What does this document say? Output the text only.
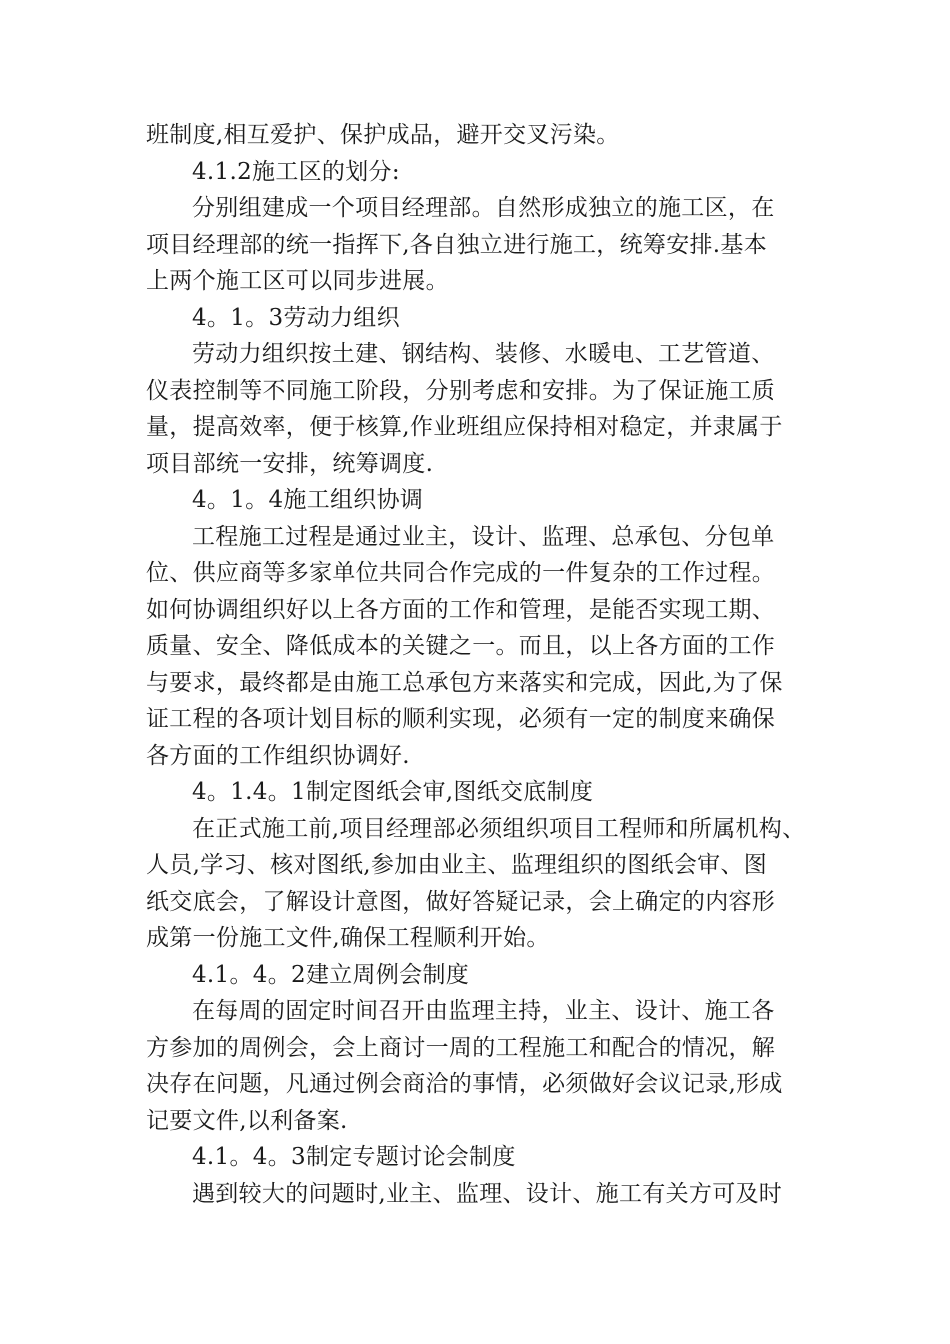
班制度,相互爱护、保护成品，避开交叉污染。
4.1.2施工区的划分:
分别组建成一个项目经理部。自然形成独立的施工区，在
项目经理部的统一指挥下,各自独立进行施工，统筹安排.基本
上两个施工区可以同步进展。
4。1。3劳动力组织
劳动力组织按土建、钢结构、装修、水暖电、工艺管道、
仪表控制等不同施工阶段，分别考虑和安排。为了保证施工质
量，提高效率，便于核算,作业班组应保持相对稳定，并隶属于
项目部统一安排，统筹调度.
4。1。4施工组织协调
工程施工过程是通过业主，设计、监理、总承包、分包单
位、供应商等多家单位共同合作完成的一件复杂的工作过程。
如何协调组织好以上各方面的工作和管理，是能否实现工期、
质量、安全、降低成本的关键之一。而且，以上各方面的工作
与要求，最终都是由施工总承包方来落实和完成，因此,为了保
证工程的各项计划目标的顺利实现，必须有一定的制度来确保
各方面的工作组织协调好.
4。1.4。1制定图纸会审,图纸交底制度
在正式施工前,项目经理部必须组织项目工程师和所属机构、
人员,学习、核对图纸,参加由业主、监理组织的图纸会审、图
纸交底会，了解设计意图，做好答疑记录，会上确定的内容形
成第一份施工文件,确保工程顺利开始。
4.1。4。2建立周例会制度
在每周的固定时间召开由监理主持，业主、设计、施工各
方参加的周例会，会上商讨一周的工程施工和配合的情况，解
决存在问题，凡通过例会商洽的事情，必须做好会议记录,形成
记要文件,以利备案.
4.1。4。3制定专题讨论会制度
遇到较大的问题时,业主、监理、设计、施工有关方可及时
